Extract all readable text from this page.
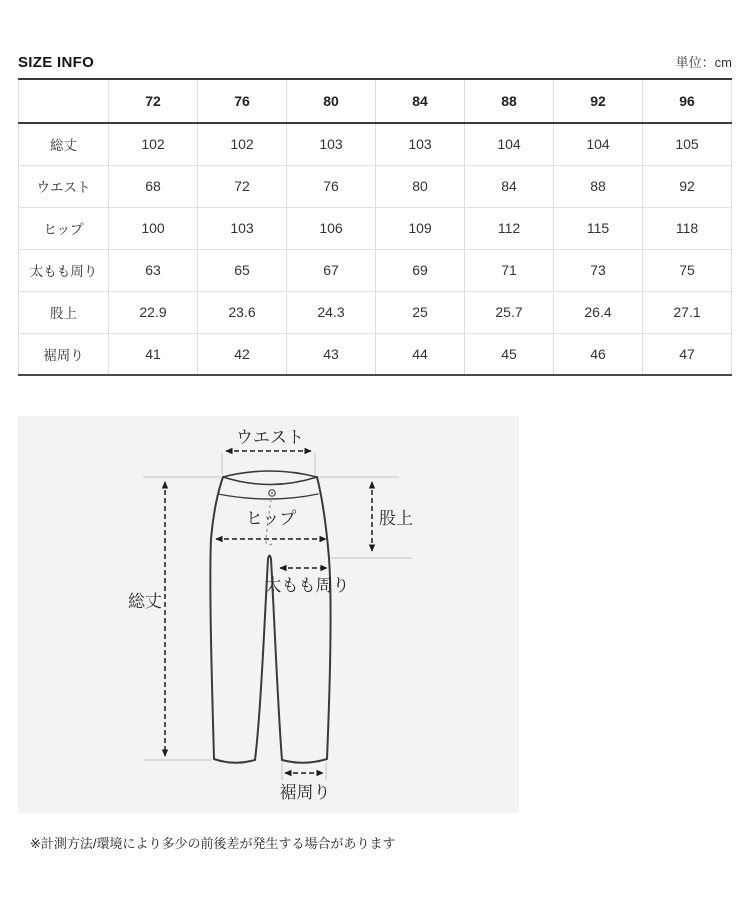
SIZE INFO	単位：cm
	72	76	80	84	88	92	96
総丈	102	102	103	103	104	104	105
ウエスト	68	72	76	80	84	88	92
ヒップ	100	103	106	109	112	115	118
太もも周り	63	65	67	69	71	73	75
股上	22.9	23.6	24.3	25	25.7	26.4	27.1
裾周り	41	42	43	44	45	46	47
ウエスト
ヒップ	股上
太もも周り
総丈
裾周り
※計測方法/環境により多少の前後差が発生する場合があります
